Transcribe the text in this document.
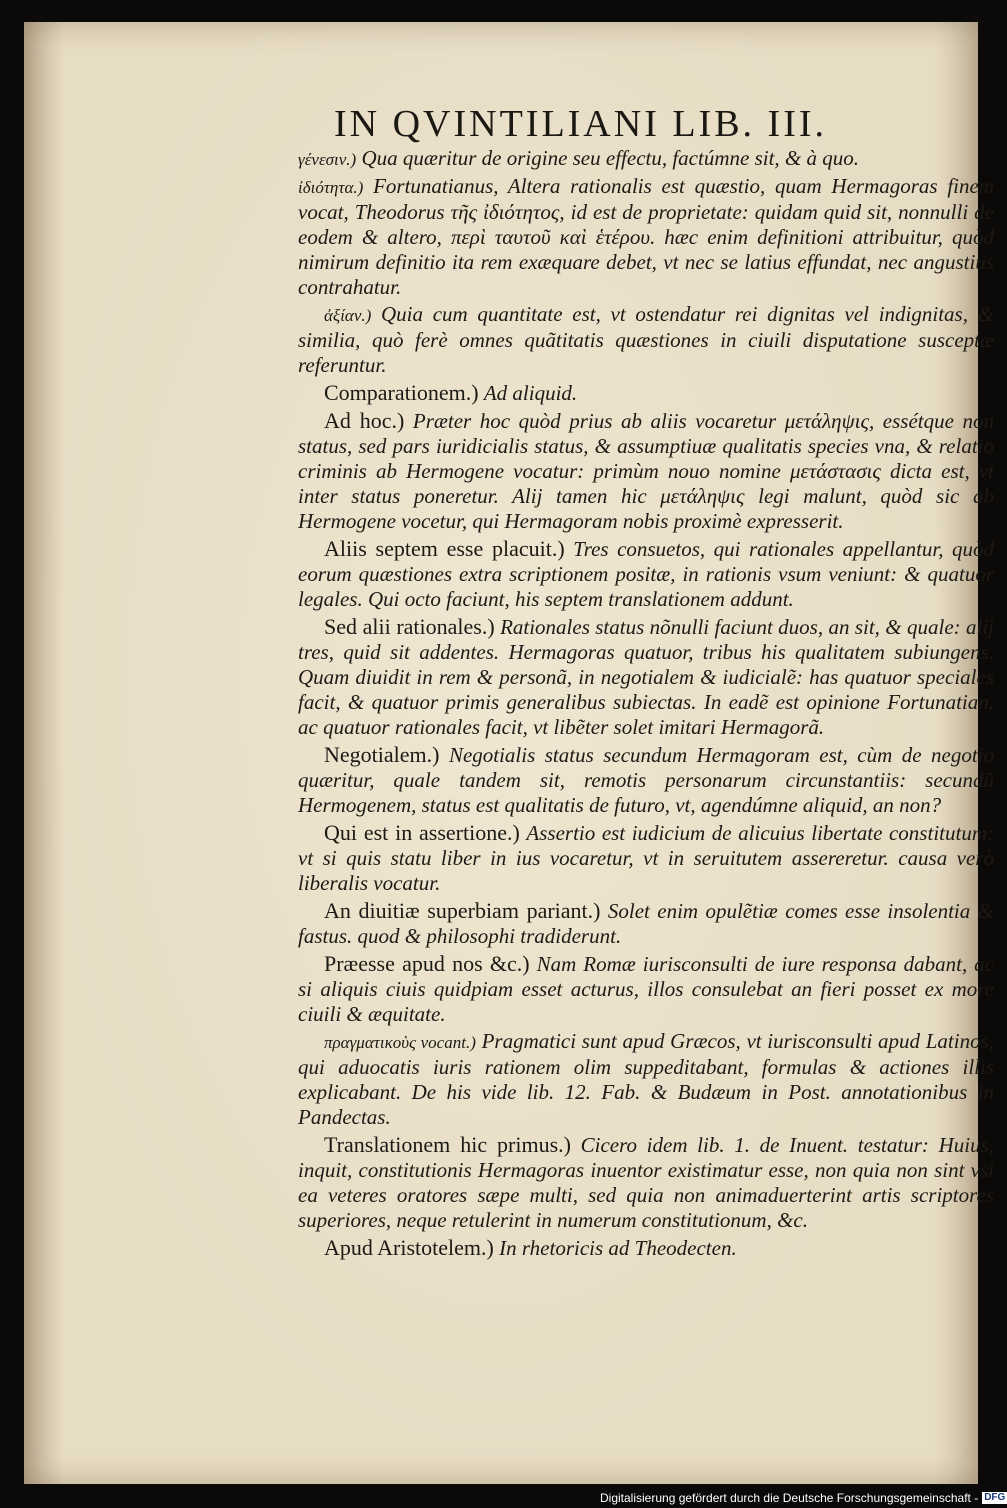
IN QVINTILIANI LIB. III.

γένεσιν.) Qua quæritur de origine seu effectu, factúmne sit, & à quo.

ἰδιότητα.) Fortunatianus, Altera rationalis est quæstio, quam Hermagoras finem vocat, Theodorus τῆς ἰδιότητος, id est de proprietate: quidam quid sit, nonnulli de eodem & altero, περὶ ταυτοῦ καὶ ἑτέρου. hæc enim definitioni attribuitur, quòd nimirum definitio ita rem exæquare debet, vt nec se latius effundat, nec angustius contrahatur.

ἀξίαν.) Quia cum quantitate est, vt ostendatur rei dignitas vel indignitas, & similia, quò ferè omnes quãtitatis quæstiones in ciuili disputatione susceptæ referuntur.

Comparationem.) Ad aliquid.

Ad hoc.) Præter hoc quòd prius ab aliis vocaretur μετάληψις, essétque non status, sed pars iuridicialis status, & assumptiuæ qualitatis species vna, & relatio criminis ab Hermogene vocatur: primùm nouo nomine μετάστασις dicta est, vt inter status poneretur. Alij tamen hic μετάληψις legi malunt, quòd sic ab Hermogene vocetur, qui Hermagoram nobis proximè expresserit.

Aliis septem esse placuit.) Tres consuetos, qui rationales appellantur, quòd eorum quæstiones extra scriptionem positæ, in rationis vsum veniunt: & quatuor legales. Qui octo faciunt, his septem translationem addunt.

Sed alii rationales.) Rationales status nõnulli faciunt duos, an sit, & quale: alij tres, quid sit addentes. Hermagoras quatuor, tribus his qualitatem subiungens. Quam diuidit in rem & personã, in negotialem & iudicialẽ: has quatuor speciales facit, & quatuor primis generalibus subiectas. In eadẽ est opinione Fortunatian. ac quatuor rationales facit, vt libẽter solet imitari Hermagorã.

Negotialem.) Negotialis status secundum Hermagoram est, cùm de negotio quæritur, quale tandem sit, remotis personarum circunstantiis: secundũ Hermogenem, status est qualitatis de futuro, vt, agendúmne aliquid, an non?

Qui est in assertione.) Assertio est iudicium de alicuius libertate constitutum: vt si quis statu liber in ius vocaretur, vt in seruitutem assereretur. causa verò liberalis vocatur.

An diuitiæ superbiam pariant.) Solet enim opulẽtiæ comes esse insolentia & fastus. quod & philosophi tradiderunt.

Præesse apud nos &c.) Nam Romæ iurisconsulti de iure responsa dabant, ac si aliquis ciuis quidpiam esset acturus, illos consulebat an fieri posset ex more ciuili & æquitate.

πραγματικοὺς vocant.) Pragmatici sunt apud Græcos, vt iurisconsulti apud Latinos, qui aduocatis iuris rationem olim suppeditabant, formulas & actiones illis explicabant. De his vide lib. 12. Fab. & Budæum in Post. annotationibus in Pandectas.

Translationem hic primus.) Cicero idem lib. 1. de Inuent. testatur: Huius, inquit, constitutionis Hermagoras inuentor existimatur esse, non quia non sint vsi ea veteres oratores sæpe multi, sed quia non animaduerterint artis scriptores superiores, neque retulerint in numerum constitutionum, &c.

Apud Aristotelem.) In rhetoricis ad Theodecten.

Digitalisierung gefördert durch die Deutsche Forschungsgemeinschaft - DFG
